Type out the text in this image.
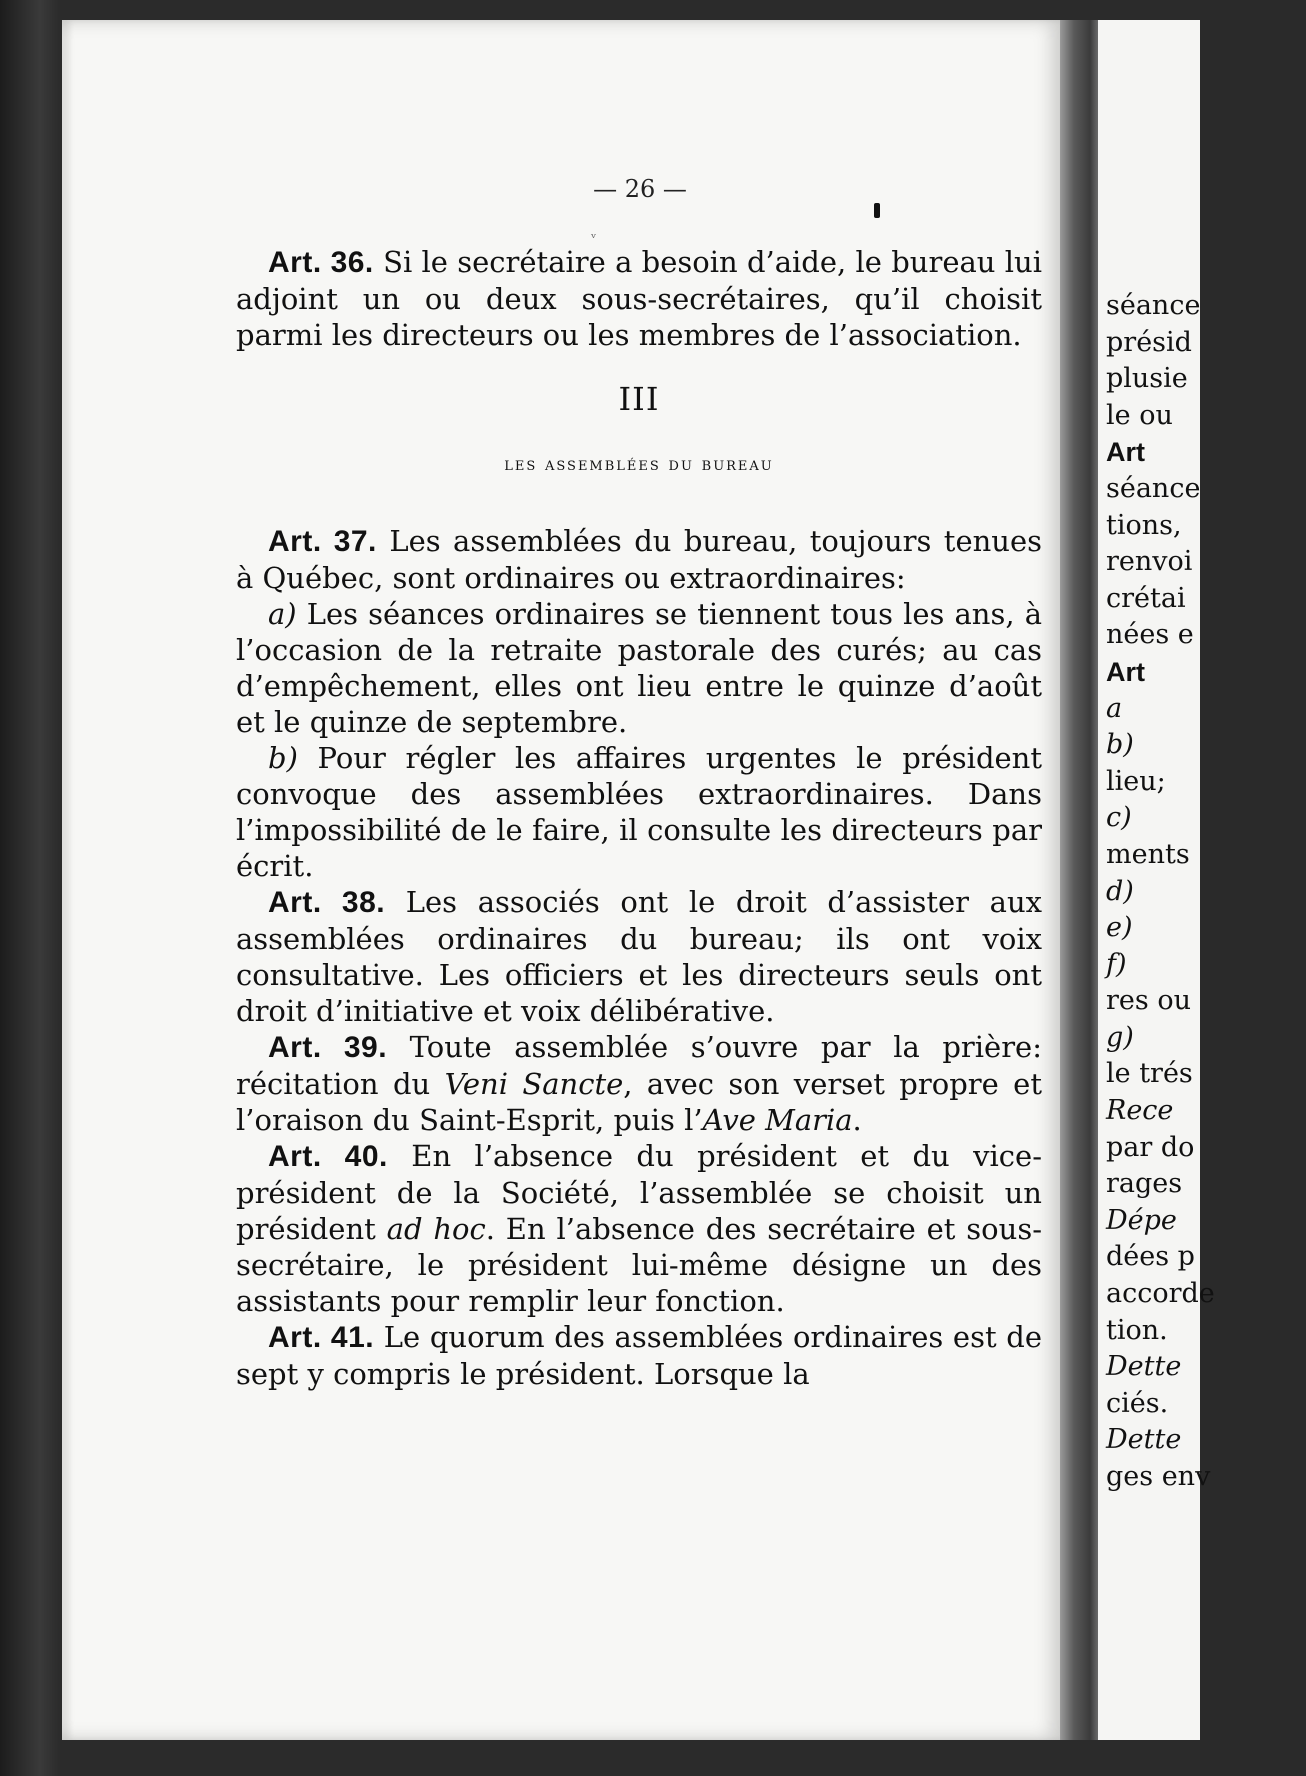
séance
présid
plusie
le ou
Art
séance
tions,
renvoi
crétai
nées e
Art
a
b)
lieu;
c)
ments
d)
e)
f)
res ou
g)
le trés
Rece
par do
rages
Dépe
dées p
accorde
tion.
Dette
ciés.
Dette
ges env
— 26 —
ᵥ

Art. 36. Si le secrétaire a besoin d’aide, le bureau lui adjoint un ou deux sous-secrétaires, qu’il choisit parmi les directeurs ou les membres de l’association.

III
les assemblées du bureau

Art. 37. Les assemblées du bureau, toujours tenues à Québec, sont ordinaires ou extraordinaires:

a) Les séances ordinaires se tiennent tous les ans, à l’occasion de la retraite pastorale des curés; au cas d’empêchement, elles ont lieu entre le quinze d’août et le quinze de septembre.

b) Pour régler les affaires urgentes le président convoque des assemblées extraordinaires. Dans l’impossibilité de le faire, il consulte les directeurs par écrit.

Art. 38. Les associés ont le droit d’assister aux assemblées ordinaires du bureau; ils ont voix consultative. Les officiers et les directeurs seuls ont droit d’initiative et voix délibérative.

Art. 39. Toute assemblée s’ouvre par la prière: récitation du Veni Sancte, avec son verset propre et l’oraison du Saint-Esprit, puis l’Ave Maria.

Art. 40. En l’absence du président et du vice-président de la Société, l’assemblée se choisit un président ad hoc. En l’absence des secrétaire et sous-secrétaire, le président lui-même désigne un des assistants pour remplir leur fonction.

Art. 41. Le quorum des assemblées ordinaires est de sept y compris le président. Lorsque la
